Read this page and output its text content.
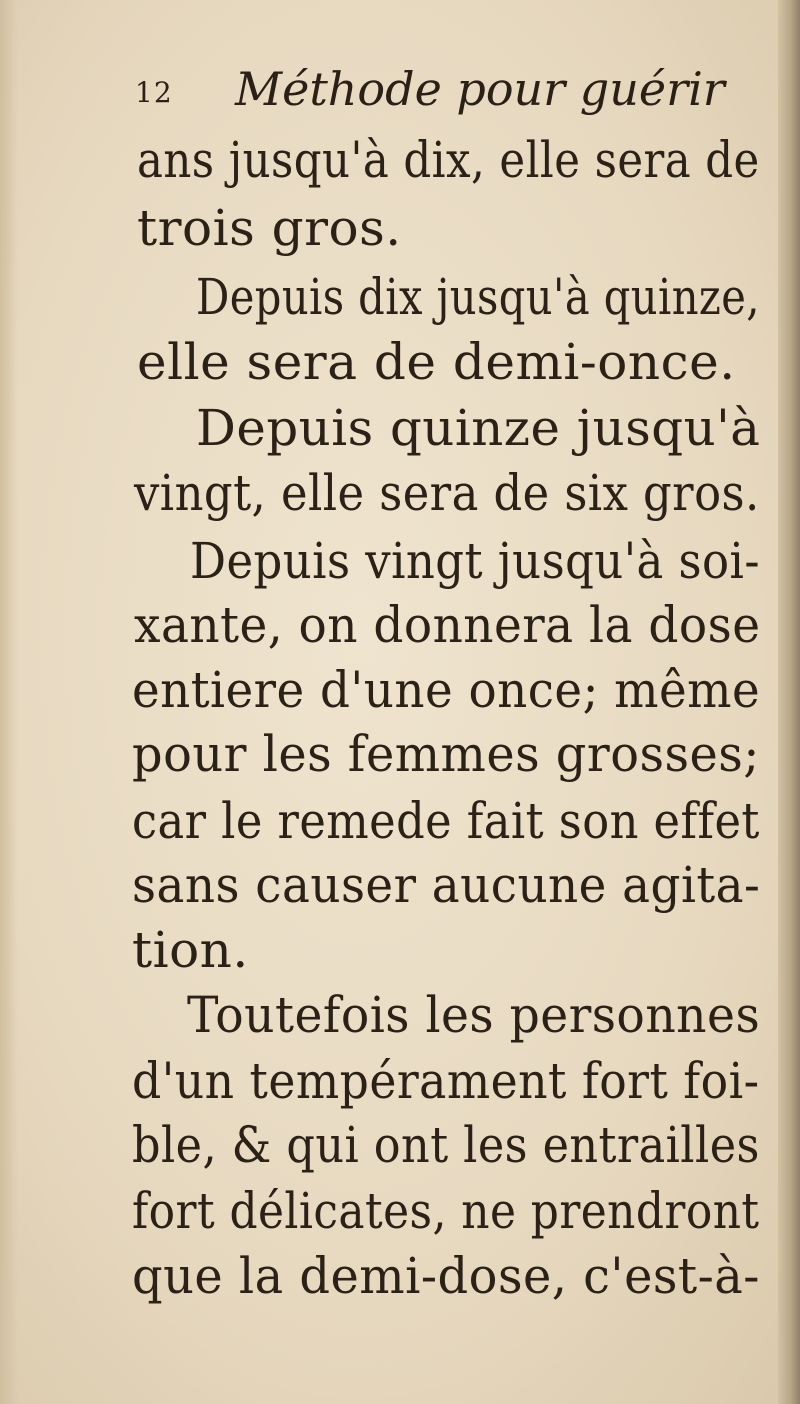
12 Méthode pour guérir
ans jusqu'à dix, elle sera de
trois gros.
Depuis dix jusqu'à quinze,
elle sera de demi-once.
Depuis quinze jusqu'à
vingt, elle sera de six gros.
Depuis vingt jusqu'à soi-
xante, on donnera la dose
entiere d'une once; même
pour les femmes grosses;
car le remede fait son effet
sans causer aucune agita-
tion.
Toutefois les personnes
d'un tempérament fort foi-
ble, & qui ont les entrailles
fort délicates, ne prendront
que la demi-dose, c'est-à-
